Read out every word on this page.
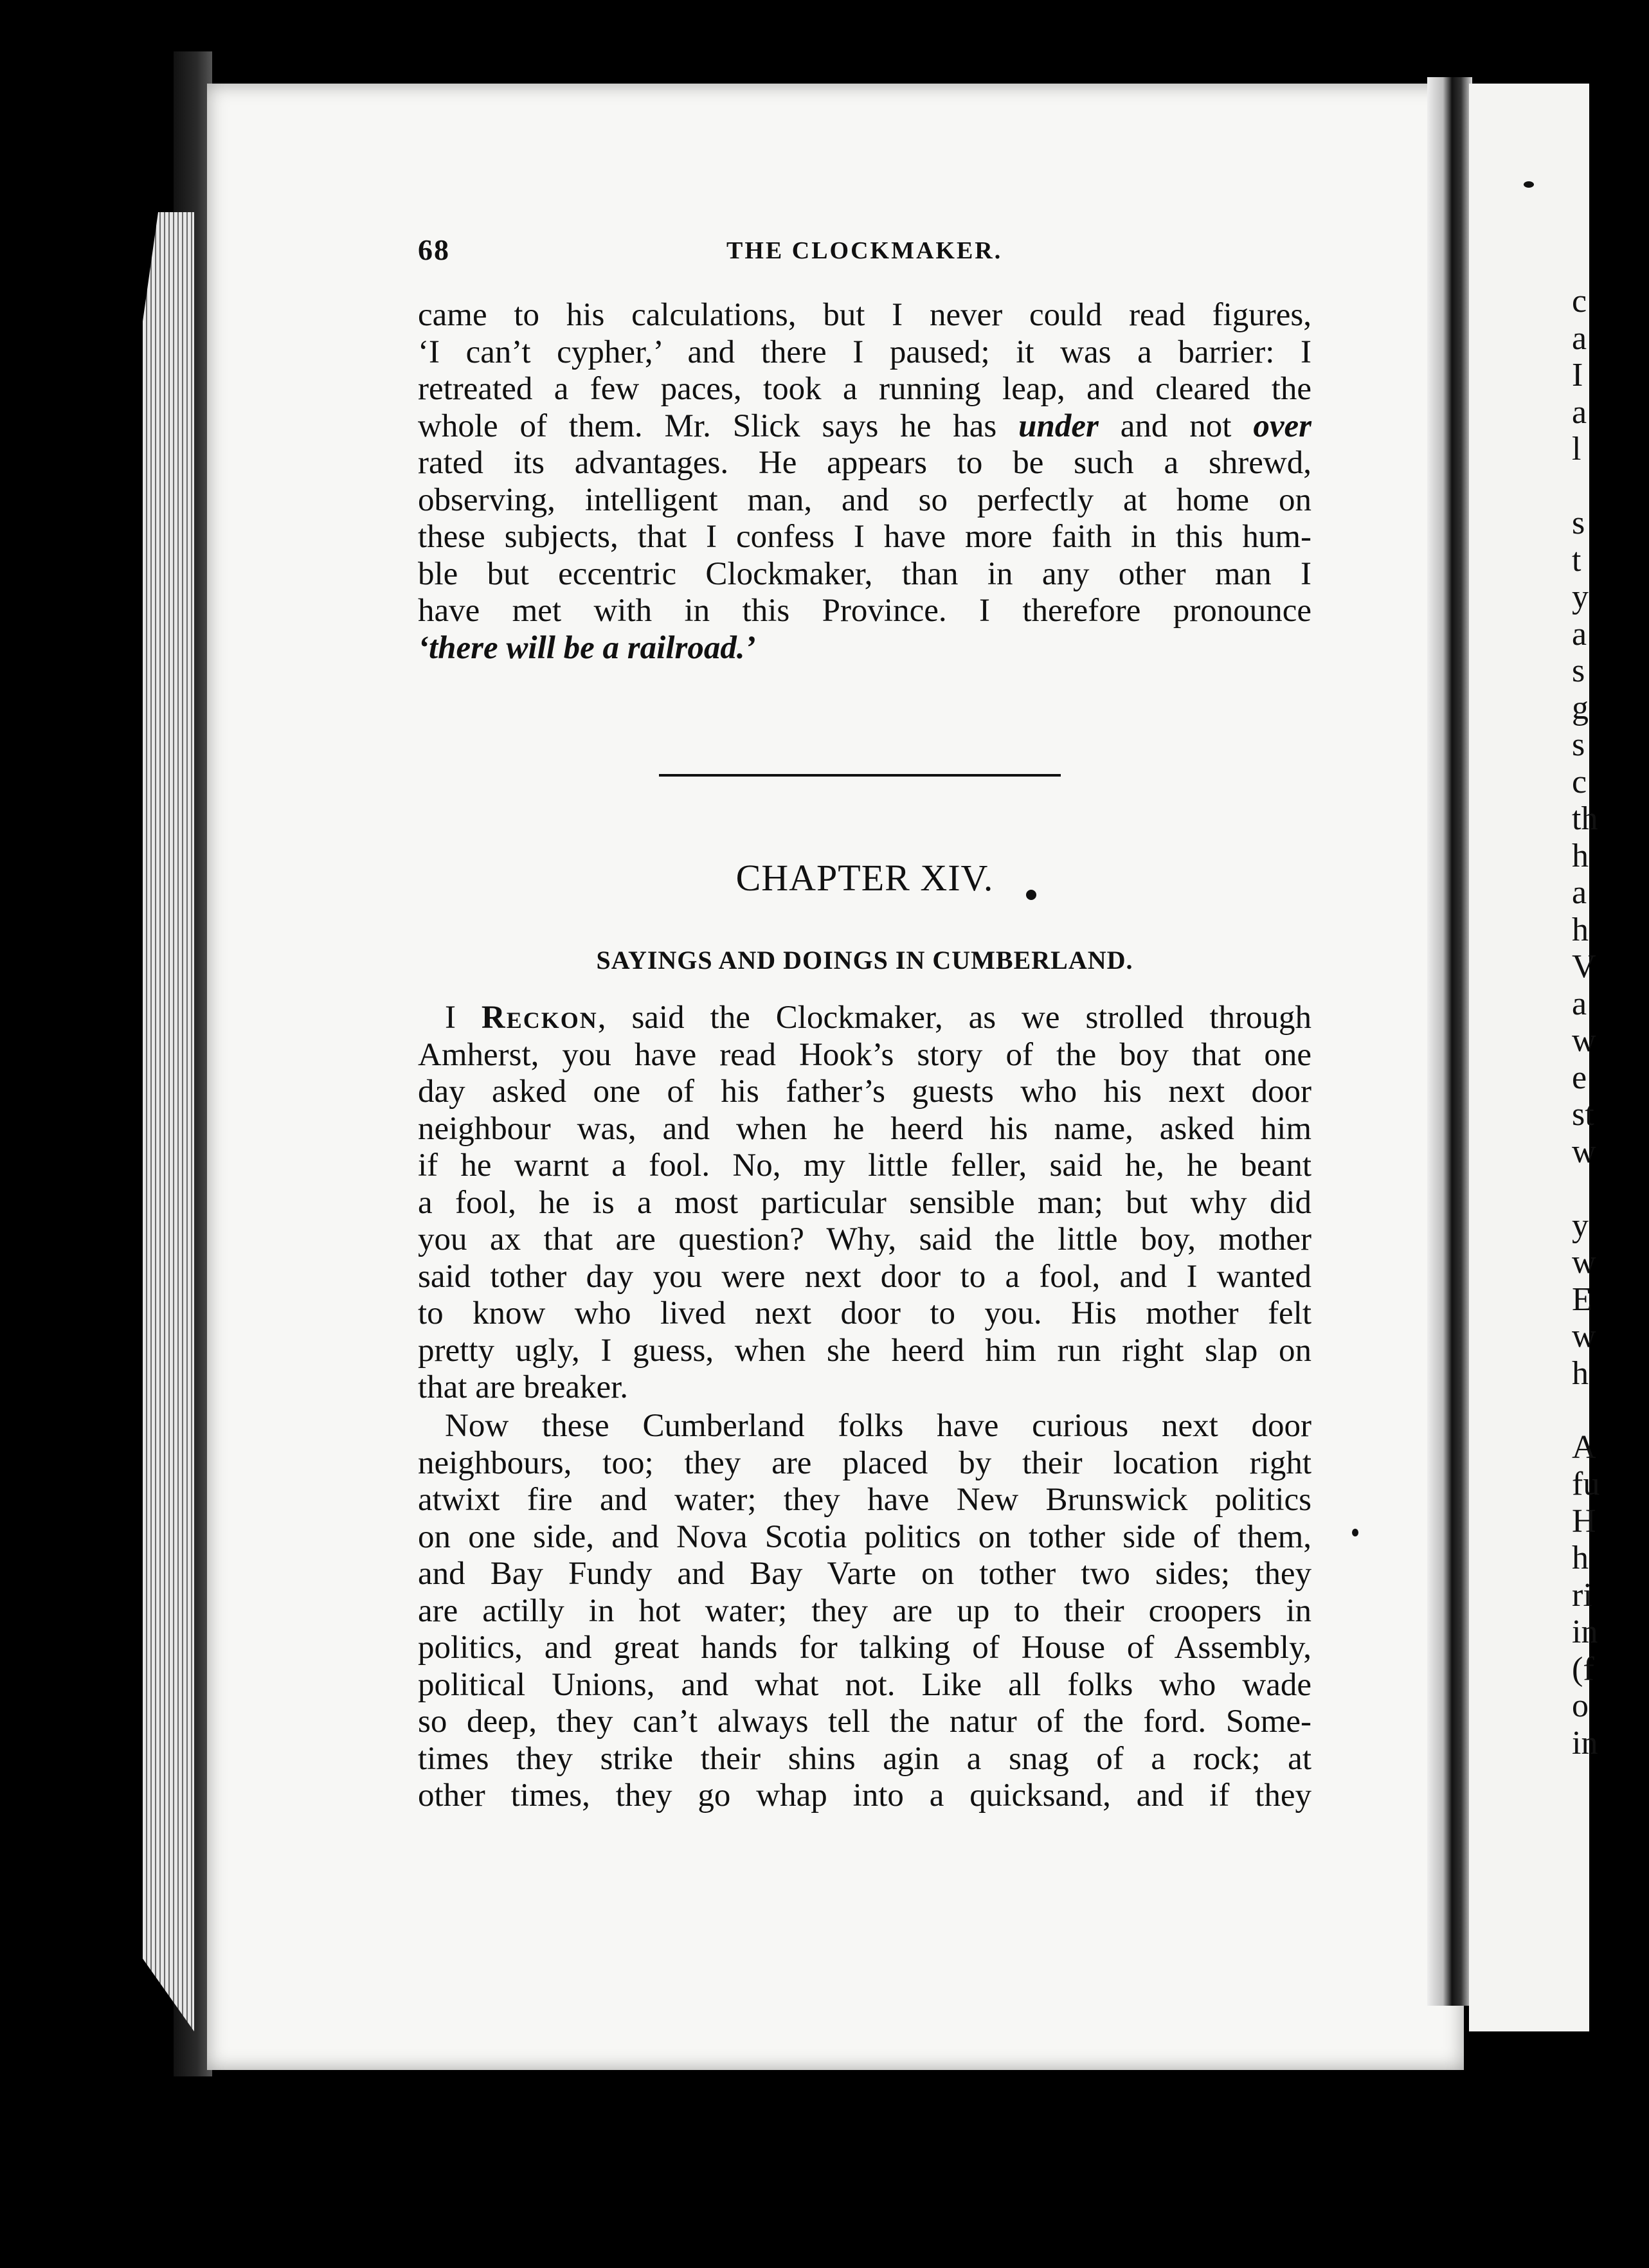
c
a
I
a
l
s
t
y
a
s
g
s
c
th
h
a
h
V
a
w
e
st
w
y
w
E
w
h
A
fu
H
h
ri
in
(f
o
in
68	THE CLOCKMAKER.
came to his calculations, but I never could read figures,
‘I can’t cypher,’ and there I paused; it was a barrier: I
retreated a few paces, took a running leap, and cleared the
whole of them. Mr. Slick says he has under and not over
rated its advantages. He appears to be such a shrewd,
observing, intelligent man, and so perfectly at home on
these subjects, that I confess I have more faith in this hum-
ble but eccentric Clockmaker, than in any other man I
have met with in this Province. I therefore pronounce
‘there will be a railroad.’
CHAPTER XIV.
SAYINGS AND DOINGS IN CUMBERLAND.
I Reckon, said the Clockmaker, as we strolled through
Amherst, you have read Hook’s story of the boy that one
day asked one of his father’s guests who his next door
neighbour was, and when he heerd his name, asked him
if he warnt a fool. No, my little feller, said he, he beant
a fool, he is a most particular sensible man; but why did
you ax that are question? Why, said the little boy, mother
said tother day you were next door to a fool, and I wanted
to know who lived next door to you. His mother felt
pretty ugly, I guess, when she heerd him run right slap on
that are breaker.
Now these Cumberland folks have curious next door
neighbours, too; they are placed by their location right
atwixt fire and water; they have New Brunswick politics
on one side, and Nova Scotia politics on tother side of them,
and Bay Fundy and Bay Varte on tother two sides; they
are actilly in hot water; they are up to their croopers in
politics, and great hands for talking of House of Assembly,
political Unions, and what not. Like all folks who wade
so deep, they can’t always tell the natur of the ford. Some-
times they strike their shins agin a snag of a rock; at
other times, they go whap into a quicksand, and if they
